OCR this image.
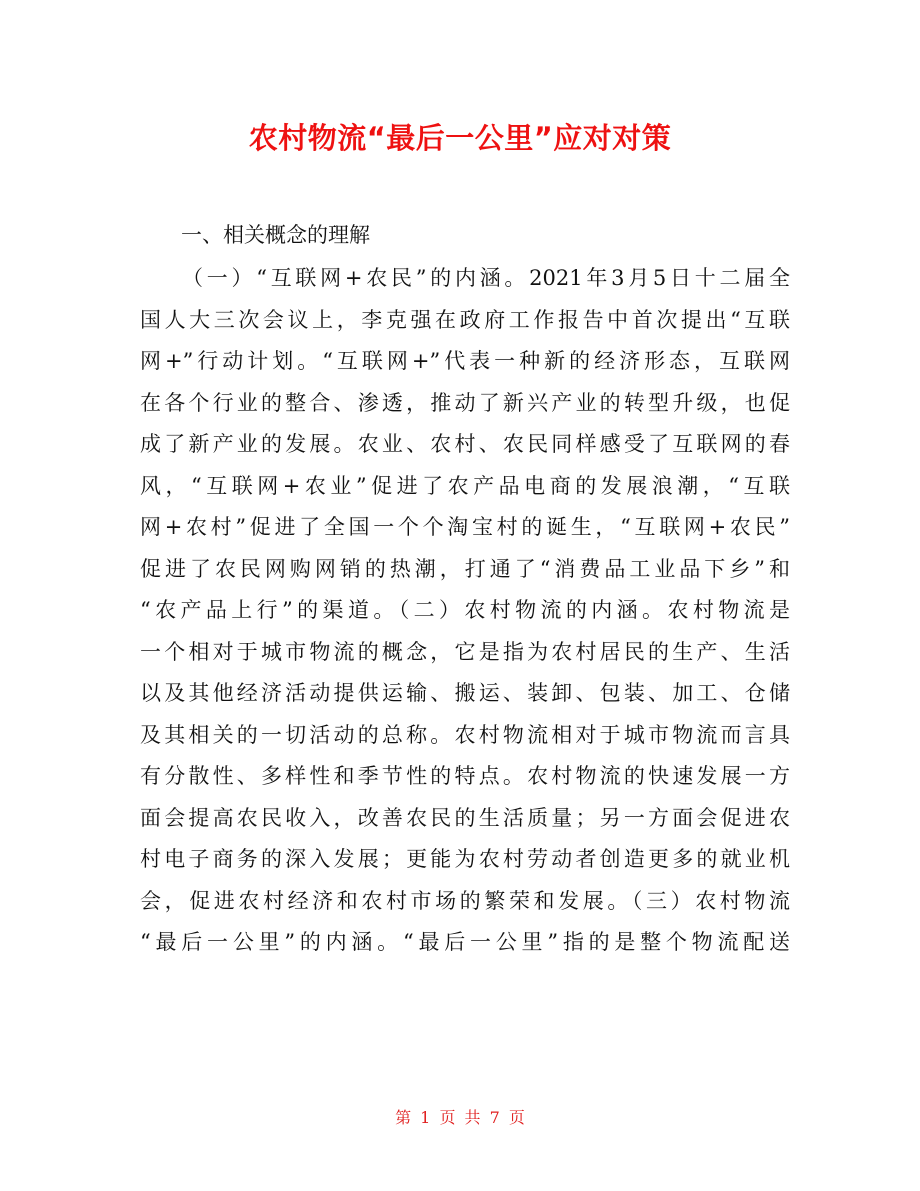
农村物流“最后一公里”应对对策
一、相关概念的理解
（一）“互联网+农民”的内涵。2021年3月5日十二届全
国人大三次会议上，李克强在政府工作报告中首次提出“互联
网+”行动计划。“互联网+”代表一种新的经济形态，互联网
在各个行业的整合、渗透，推动了新兴产业的转型升级，也促
成了新产业的发展。农业、农村、农民同样感受了互联网的春
风，“互联网+农业”促进了农产品电商的发展浪潮，“互联
网+农村”促进了全国一个个淘宝村的诞生，“互联网+农民”
促进了农民网购网销的热潮，打通了“消费品工业品下乡”和
“农产品上行”的渠道。（二）农村物流的内涵。农村物流是
一个相对于城市物流的概念，它是指为农村居民的生产、生活
以及其他经济活动提供运输、搬运、装卸、包装、加工、仓储
及其相关的一切活动的总称。农村物流相对于城市物流而言具
有分散性、多样性和季节性的特点。农村物流的快速发展一方
面会提高农民收入，改善农民的生活质量；另一方面会促进农
村电子商务的深入发展；更能为农村劳动者创造更多的就业机
会，促进农村经济和农村市场的繁荣和发展。（三）农村物流
“最后一公里”的内涵。“最后一公里”指的是整个物流配送
第 1 页 共 7 页
